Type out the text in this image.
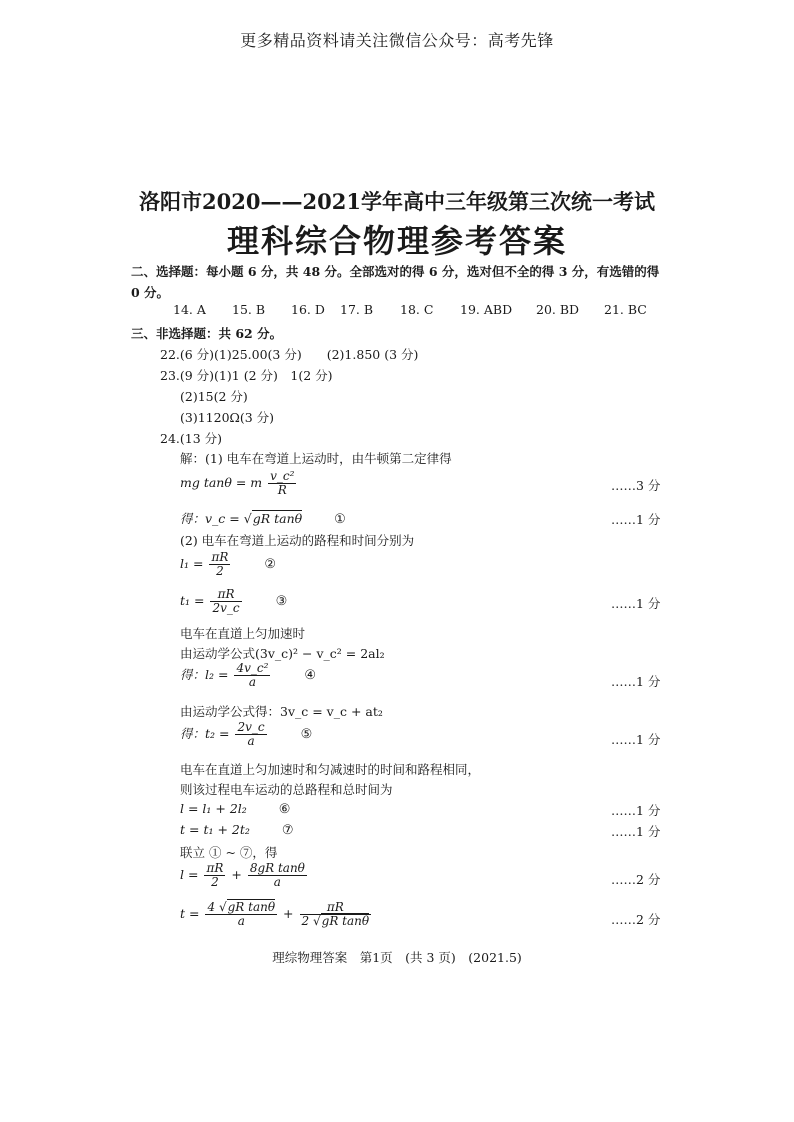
更多精品资料请关注微信公众号：高考先锋
洛阳市2020——2021学年高中三年级第三次统一考试
理科综合物理参考答案
二、选择题：每小题 6 分，共 48 分。全部选对的得 6 分，选对但不全的得 3 分，有选错的得
0 分。
14. A 15. B 16. D 17. B 18. C 19. ABD 20. BD 21. BC
三、非选择题：共 62 分。
22.(6 分)(1)25.00(3 分)　　(2)1.850 (3 分)
23.(9 分)(1)1 (2 分)　1(2 分)
(2)15(2 分)
(3)1120Ω(3 分)
24.(13 分)
解：(1) 电车在弯道上运动时，由牛顿第二定律得
mg tanθ = m $\frac{\text{v\_c²}}{R}$	……3 分
得：v_c = √gR tanθ ①	……1 分
(2) 电车在弯道上运动的路程和时间分别为
$l_1 = \frac{\pi R}{2}$	②
$t_1 = \frac{\pi R}{2v\_c}$	③	……1 分
电车在直道上匀加速时
由运动学公式(3v_c)² − v_c² = 2al₂
得：$l_2 = \frac{\text{4v\_c²}}{a}$	④	……1 分
由运动学公式得：3v_c = v_c + at₂
得：$t_2 = \frac{2v\_c}{a}$	⑤	……1 分
电车在直道上匀加速时和匀减速时的时间和路程相同，
则该过程电车运动的总路程和总时间为
l = l₁ + 2l₂ ⑥	……1 分
t = t₁ + 2t₂ ⑦	……1 分
联立 ① ~ ⑦，得
$l = \frac{\pi R}{2} + \frac{\text{8gR tanθ}}{a}$	……2 分
$t = \frac{\text{4 √gR tanθ}}{a} + \frac{\pi R}{\text{2 √gR tanθ}}$	……2 分
理综物理答案　第1页　(共 3 页)　(2021.5)
